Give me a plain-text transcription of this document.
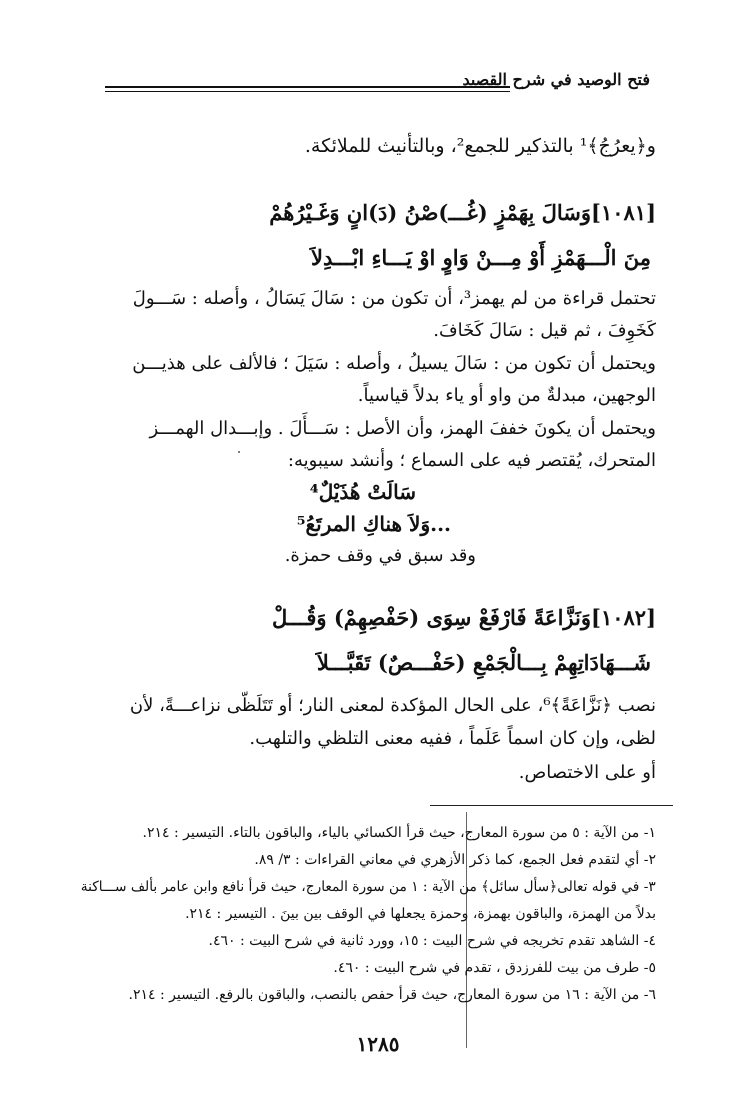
فتح الوصيد في شرح القصيد
و﴿يعرُجُ﴾¹ بالتذكير للجمع²، وبالتأنيث للملائكة.
[١٠٨١]وَسَالَ بِهَمْزٍ (غُـــ)صْنُ (دَ)انٍ وَغَـيْرُهُمْ
مِنَ الْـــهَمْزِ أَوْ مِـــنْ وَاوٍ اوْ يَـــاءِ ابْـــدِلاَ
تحتمل قراءة من لم يهمز³، أن تكون من : سَالَ يَسَالُ ، وأصله : سَـــولَ
كَخَوِفَ ، ثم قيل : سَالَ كَخَافَ.
ويحتمل أن تكون من : سَالَ يسيلُ ، وأصله : سَيَلَ ؛ فالألف على هذيـــن
الوجهين، مبدلةٌ من واو أو ياء بدلاً قياسياً.
ويحتمل أن يكونَ خففَ الهمز، وأن الأصل : سَـــأَلَ . وإبـــدال الهمـــز
المتحرك، يُقتصر فيه على السماع ؛ وأنشد سيبويه:
سَالَتْ هُذَيْلٌ⁴
...وَلاَ هناكِ المرتَعُ⁵
وقد سبق في وقف حمزة.
[١٠٨٢]وَنَزَّاعَةً فَارْفَعْ سِوَى (حَفْصِهِمْ) وَقُـــلْ
شَـــهَادَاتِهِمْ بِـــالْجَمْعِ (حَفْـــصٌ) تَقَبَّـــلاَ
نصب ﴿نَزَّاعَةً﴾⁶، على الحال المؤكدة لمعنى النار؛ أو تَتَلَظّى نزاعـــةً، لأن
لظى، وإن كان اسماً عَلَماً ، ففيه معنى التلظي والتلهب.
أو على الاختصاص.
١- من الآية : ٥ من سورة المعارج، حيث قرأ الكسائي بالياء، والباقون بالتاء. التيسير : ٢١٤.
٢- أي لتقدم فعل الجمع، كما ذكر الأزهري في معاني القراءات : ٣/ ٨٩.
٣- في قوله تعالى﴿سأل سائل﴾ من الآية : ١ من سورة المعارج، حيث قرأ نافع وابن عامر بألف ســـاكنة
بدلاً من الهمزة، والباقون بهمزة، وحمزة يجعلها في الوقف بين بينَ . التيسير : ٢١٤.
٤- الشاهد تقدم تخريجه في شرح البيت : ١٥، وورد ثانية في شرح البيت : ٤٦٠.
٥- طرف من بيت للفرزدق ، تقدم في شرح البيت : ٤٦٠.
٦- من الآية : ١٦ من سورة المعارج، حيث قرأ حفص بالنصب، والباقون بالرفع. التيسير : ٢١٤.
١٢٨٥
